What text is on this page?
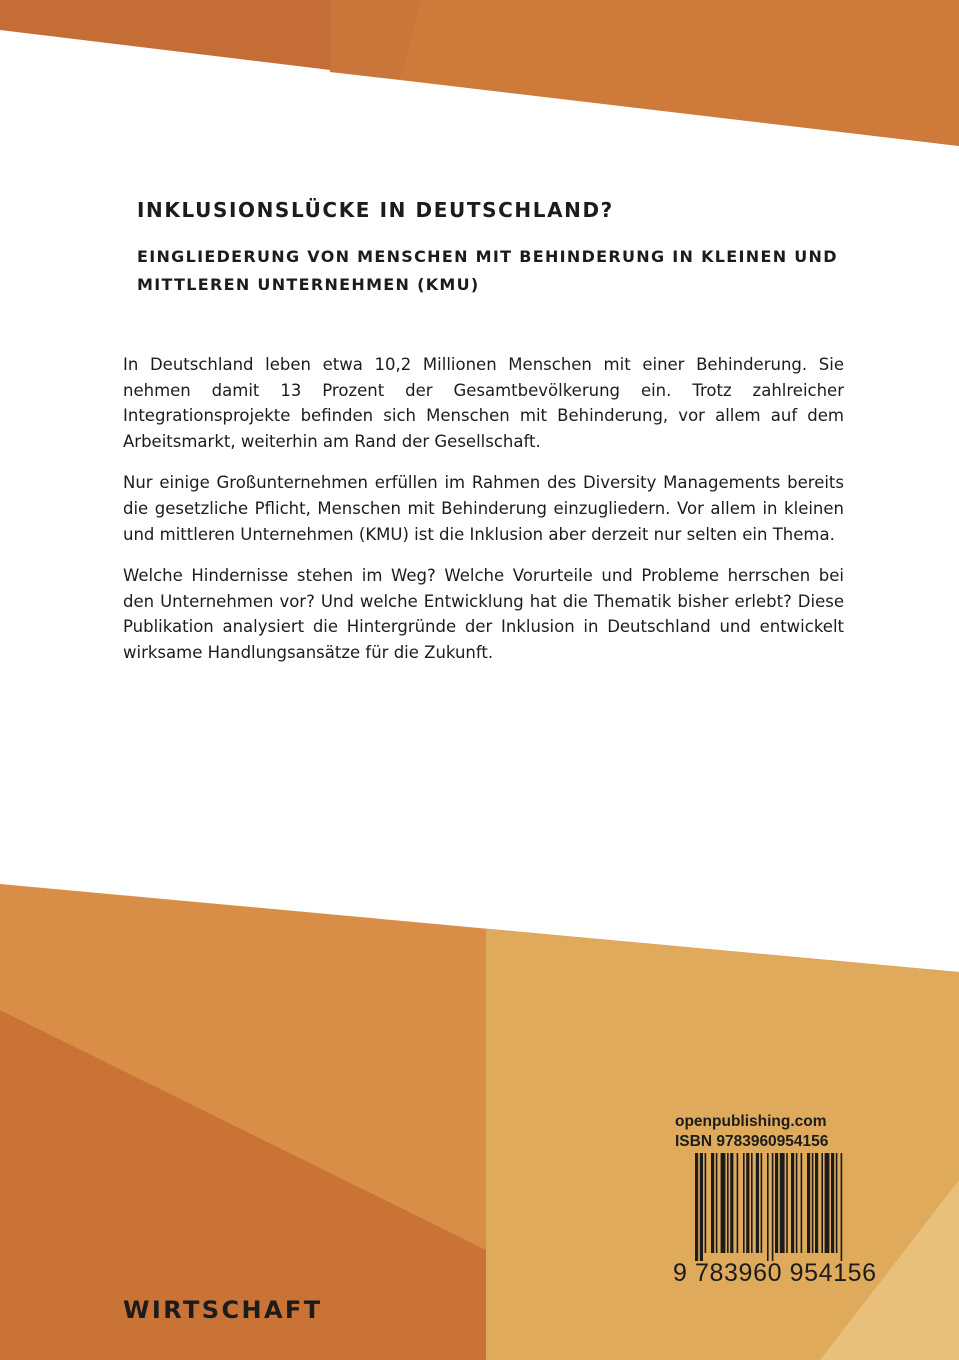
INKLUSIONSLÜCKE IN DEUTSCHLAND?
EINGLIEDERUNG VON MENSCHEN MIT BEHINDERUNG IN KLEINEN UND MITTLEREN UNTERNEHMEN (KMU)

In Deutschland leben etwa 10,2 Millionen Menschen mit einer Behinderung. Sie nehmen damit 13 Prozent der Gesamtbevölkerung ein. Trotz zahlreicher Integrationsprojekte befinden sich Menschen mit Behinderung, vor allem auf dem Arbeitsmarkt, weiterhin am Rand der Gesellschaft.

Nur einige Großunternehmen erfüllen im Rahmen des Diversity Managements bereits die gesetzliche Pflicht, Menschen mit Behinderung einzugliedern. Vor allem in kleinen und mittleren Unternehmen (KMU) ist die Inklusion aber derzeit nur selten ein Thema.

Welche Hindernisse stehen im Weg? Welche Vorurteile und Probleme herrschen bei den Unternehmen vor? Und welche Entwicklung hat die Thematik bisher erlebt? Diese Publikation analysiert die Hintergründe der Inklusion in Deutschland und entwickelt wirksame Handlungsansätze für die Zukunft.

openpublishing.com
ISBN 9783960954156
9 783960 954156
WIRTSCHAFT
